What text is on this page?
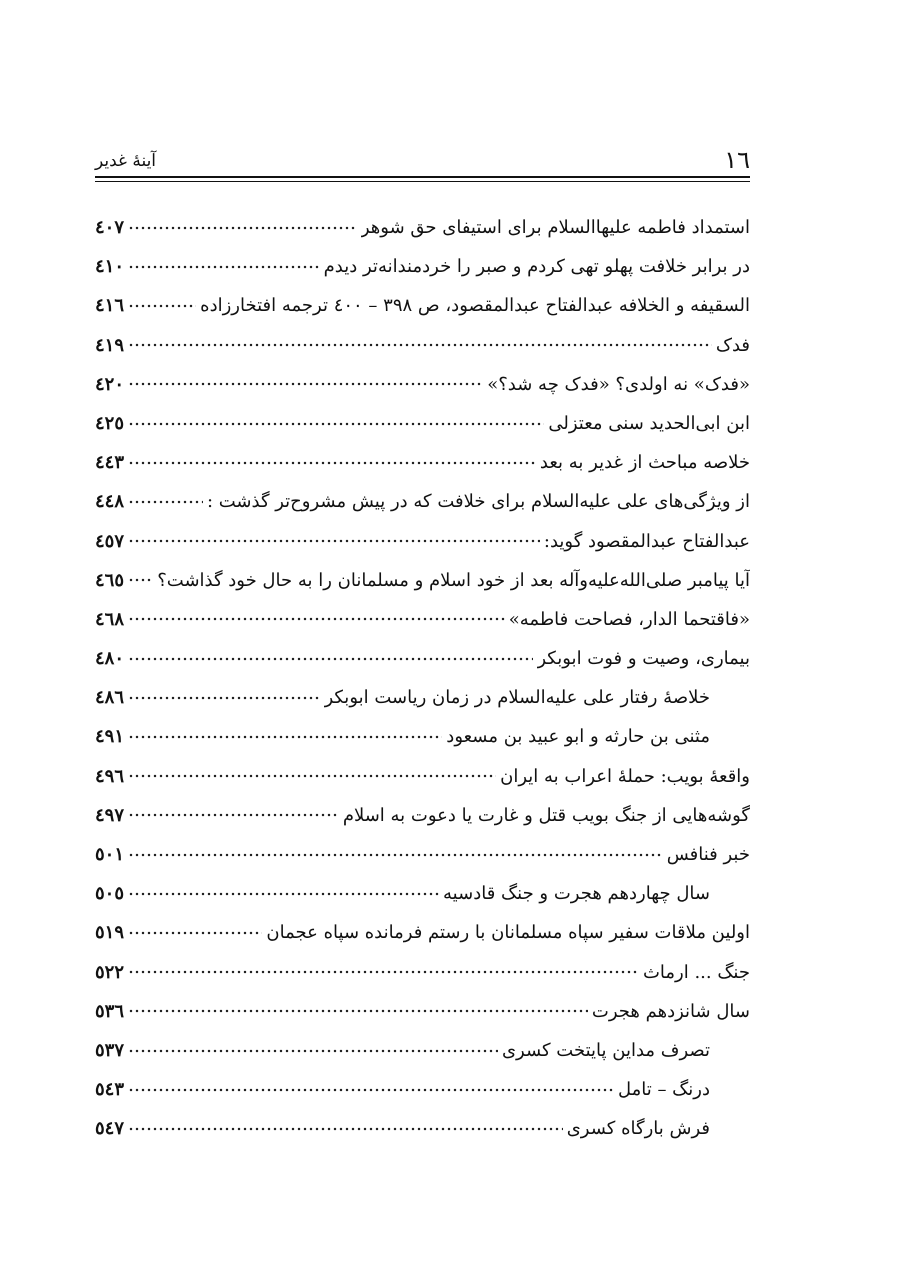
١٦
آینهٔ غدیر
استمداد فاطمه علیهاالسلام برای استیفای حق شوهر
٤٠٧
در برابر خلافت پهلو تهی کردم و صبر را خردمندانه‌تر دیدم
٤١٠
السقیفه و الخلافه عبدالفتاح عبدالمقصود، ص ٣٩٨ – ٤٠٠ ترجمه افتخارزاده
٤١٦
فدک
٤١٩
«فدک» نه اولدی؟ «فدک چه شد؟»
٤٢٠
ابن ابی‌الحدید سنی معتزلی
٤٢٥
خلاصه مباحث از غدیر به بعد
٤٤٣
از ویژگی‌های علی علیه‌السلام برای خلافت که در پیش مشروح‌تر گذشت :
٤٤٨
عبدالفتاح عبدالمقصود گوید:
٤٥٧
آیا پیامبر صلی‌الله‌علیه‌وآله بعد از خود اسلام و مسلمانان را به حال خود گذاشت؟
٤٦٥
«فاقتحما الدار، فصاحت فاطمه»
٤٦٨
بیماری، وصیت و فوت ابوبکر
٤٨٠
خلاصهٔ رفتار علی علیه‌السلام در زمان ریاست ابوبکر
٤٨٦
مثنی بن حارثه و ابو عبید بن مسعود
٤٩١
واقعهٔ بویب: حملهٔ اعراب به ایران
٤٩٦
گوشه‌هایی از جنگ بویب قتل و غارت یا دعوت به اسلام
٤٩٧
خبر فنافس
٥٠١
سال چهاردهم هجرت و جنگ قادسیه
٥٠٥
اولین ملاقات سفیر سپاه مسلمانان با رستم فرمانده سپاه عجمان
٥١٩
جنگ ... ارماث
٥٢٢
سال شانزدهم هجرت
٥٣٦
تصرف مداین پایتخت کسری
٥٣٧
درنگ – تامل
٥٤٣
فرش بارگاه کسری
٥٤٧
